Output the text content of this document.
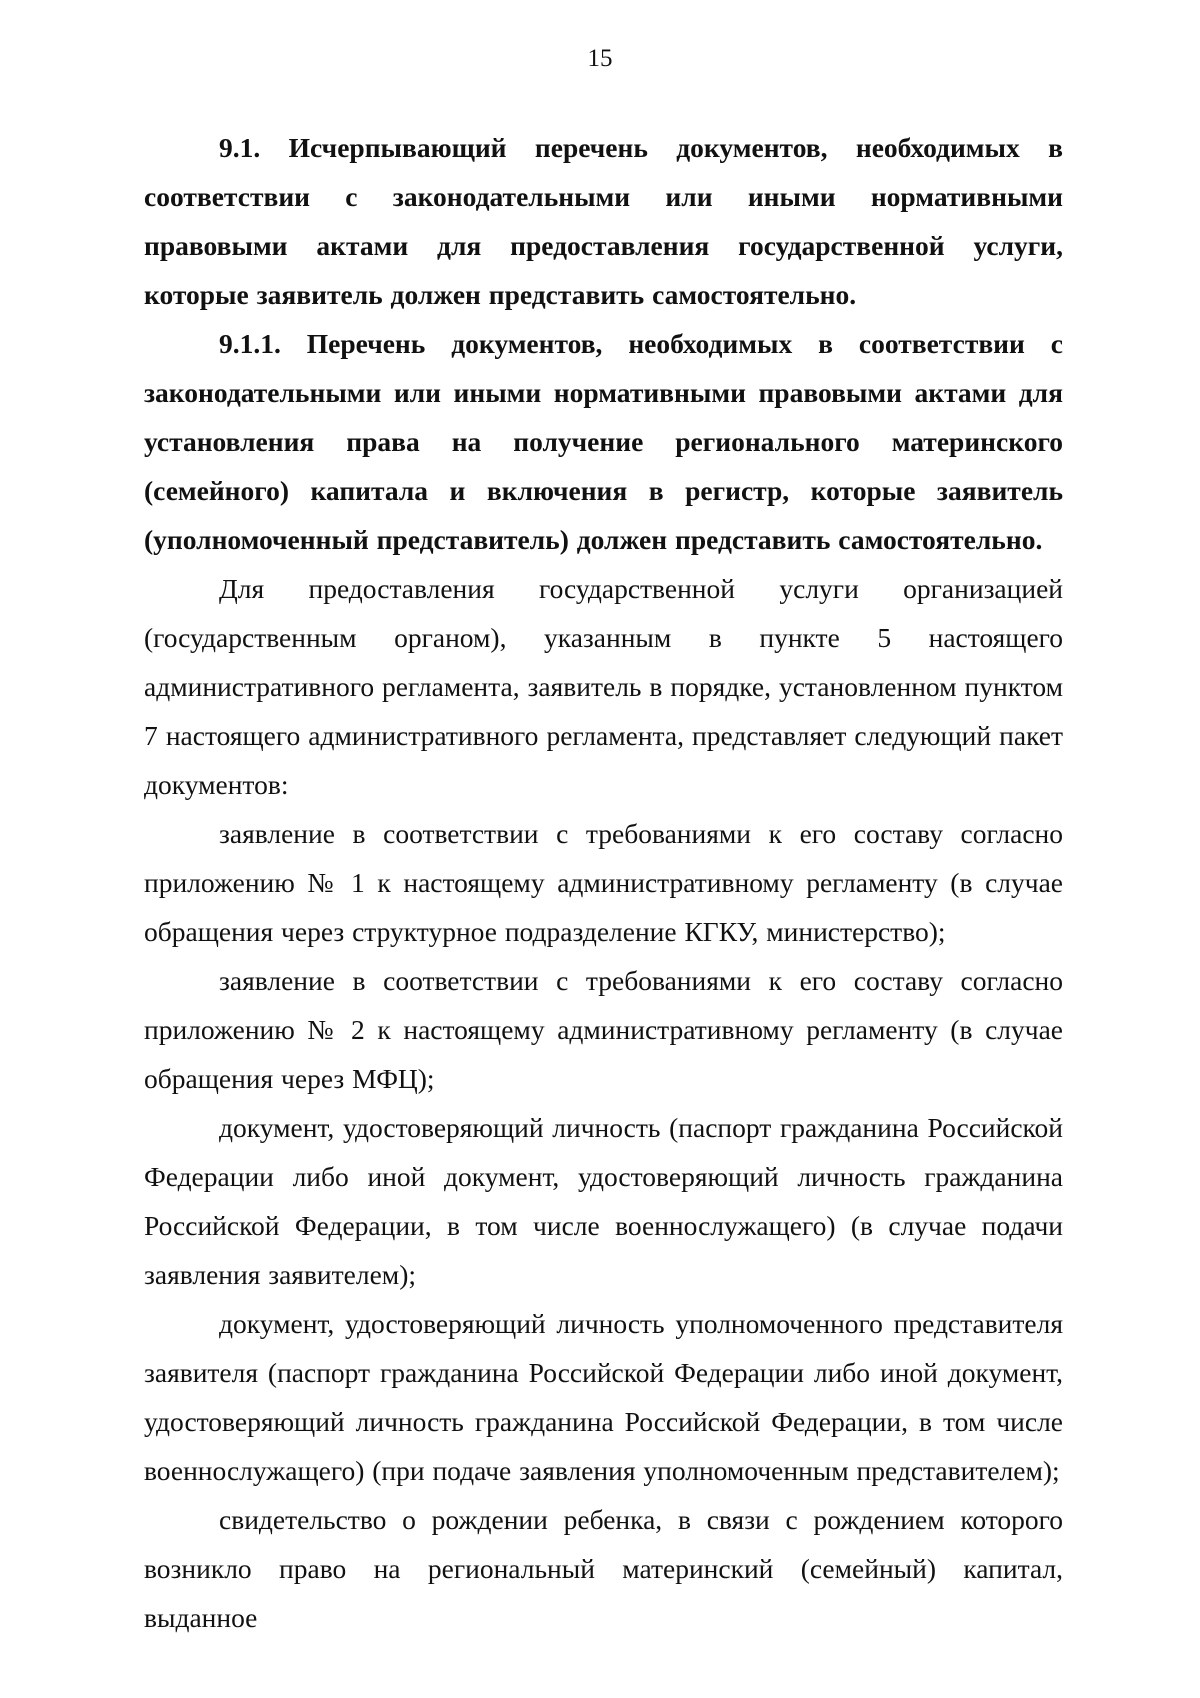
15

9.1. Исчерпывающий перечень документов, необходимых в соответствии с законодательными или иными нормативными правовыми актами для предоставления государственной услуги, которые заявитель должен представить самостоятельно.

9.1.1. Перечень документов, необходимых в соответствии с законодательными или иными нормативными правовыми актами для установления права на получение регионального материнского (семейного) капитала и включения в регистр, которые заявитель (уполномоченный представитель) должен представить самостоятельно.

Для предоставления государственной услуги организацией (государственным органом), указанным в пункте 5 настоящего административного регламента, заявитель в порядке, установленном пунктом 7 настоящего административного регламента, представляет следующий пакет документов:

заявление в соответствии с требованиями к его составу согласно приложению № 1 к настоящему административному регламенту (в случае обращения через структурное подразделение КГКУ, министерство);

заявление в соответствии с требованиями к его составу согласно приложению № 2 к настоящему административному регламенту (в случае обращения через МФЦ);

документ, удостоверяющий личность (паспорт гражданина Российской Федерации либо иной документ, удостоверяющий личность гражданина Российской Федерации, в том числе военнослужащего) (в случае подачи заявления заявителем);

документ, удостоверяющий личность уполномоченного представителя заявителя (паспорт гражданина Российской Федерации либо иной документ, удостоверяющий личность гражданина Российской Федерации, в том числе военнослужащего) (при подаче заявления уполномоченным представителем);

свидетельство о рождении ребенка, в связи с рождением которого возникло право на региональный материнский (семейный) капитал, выданное
